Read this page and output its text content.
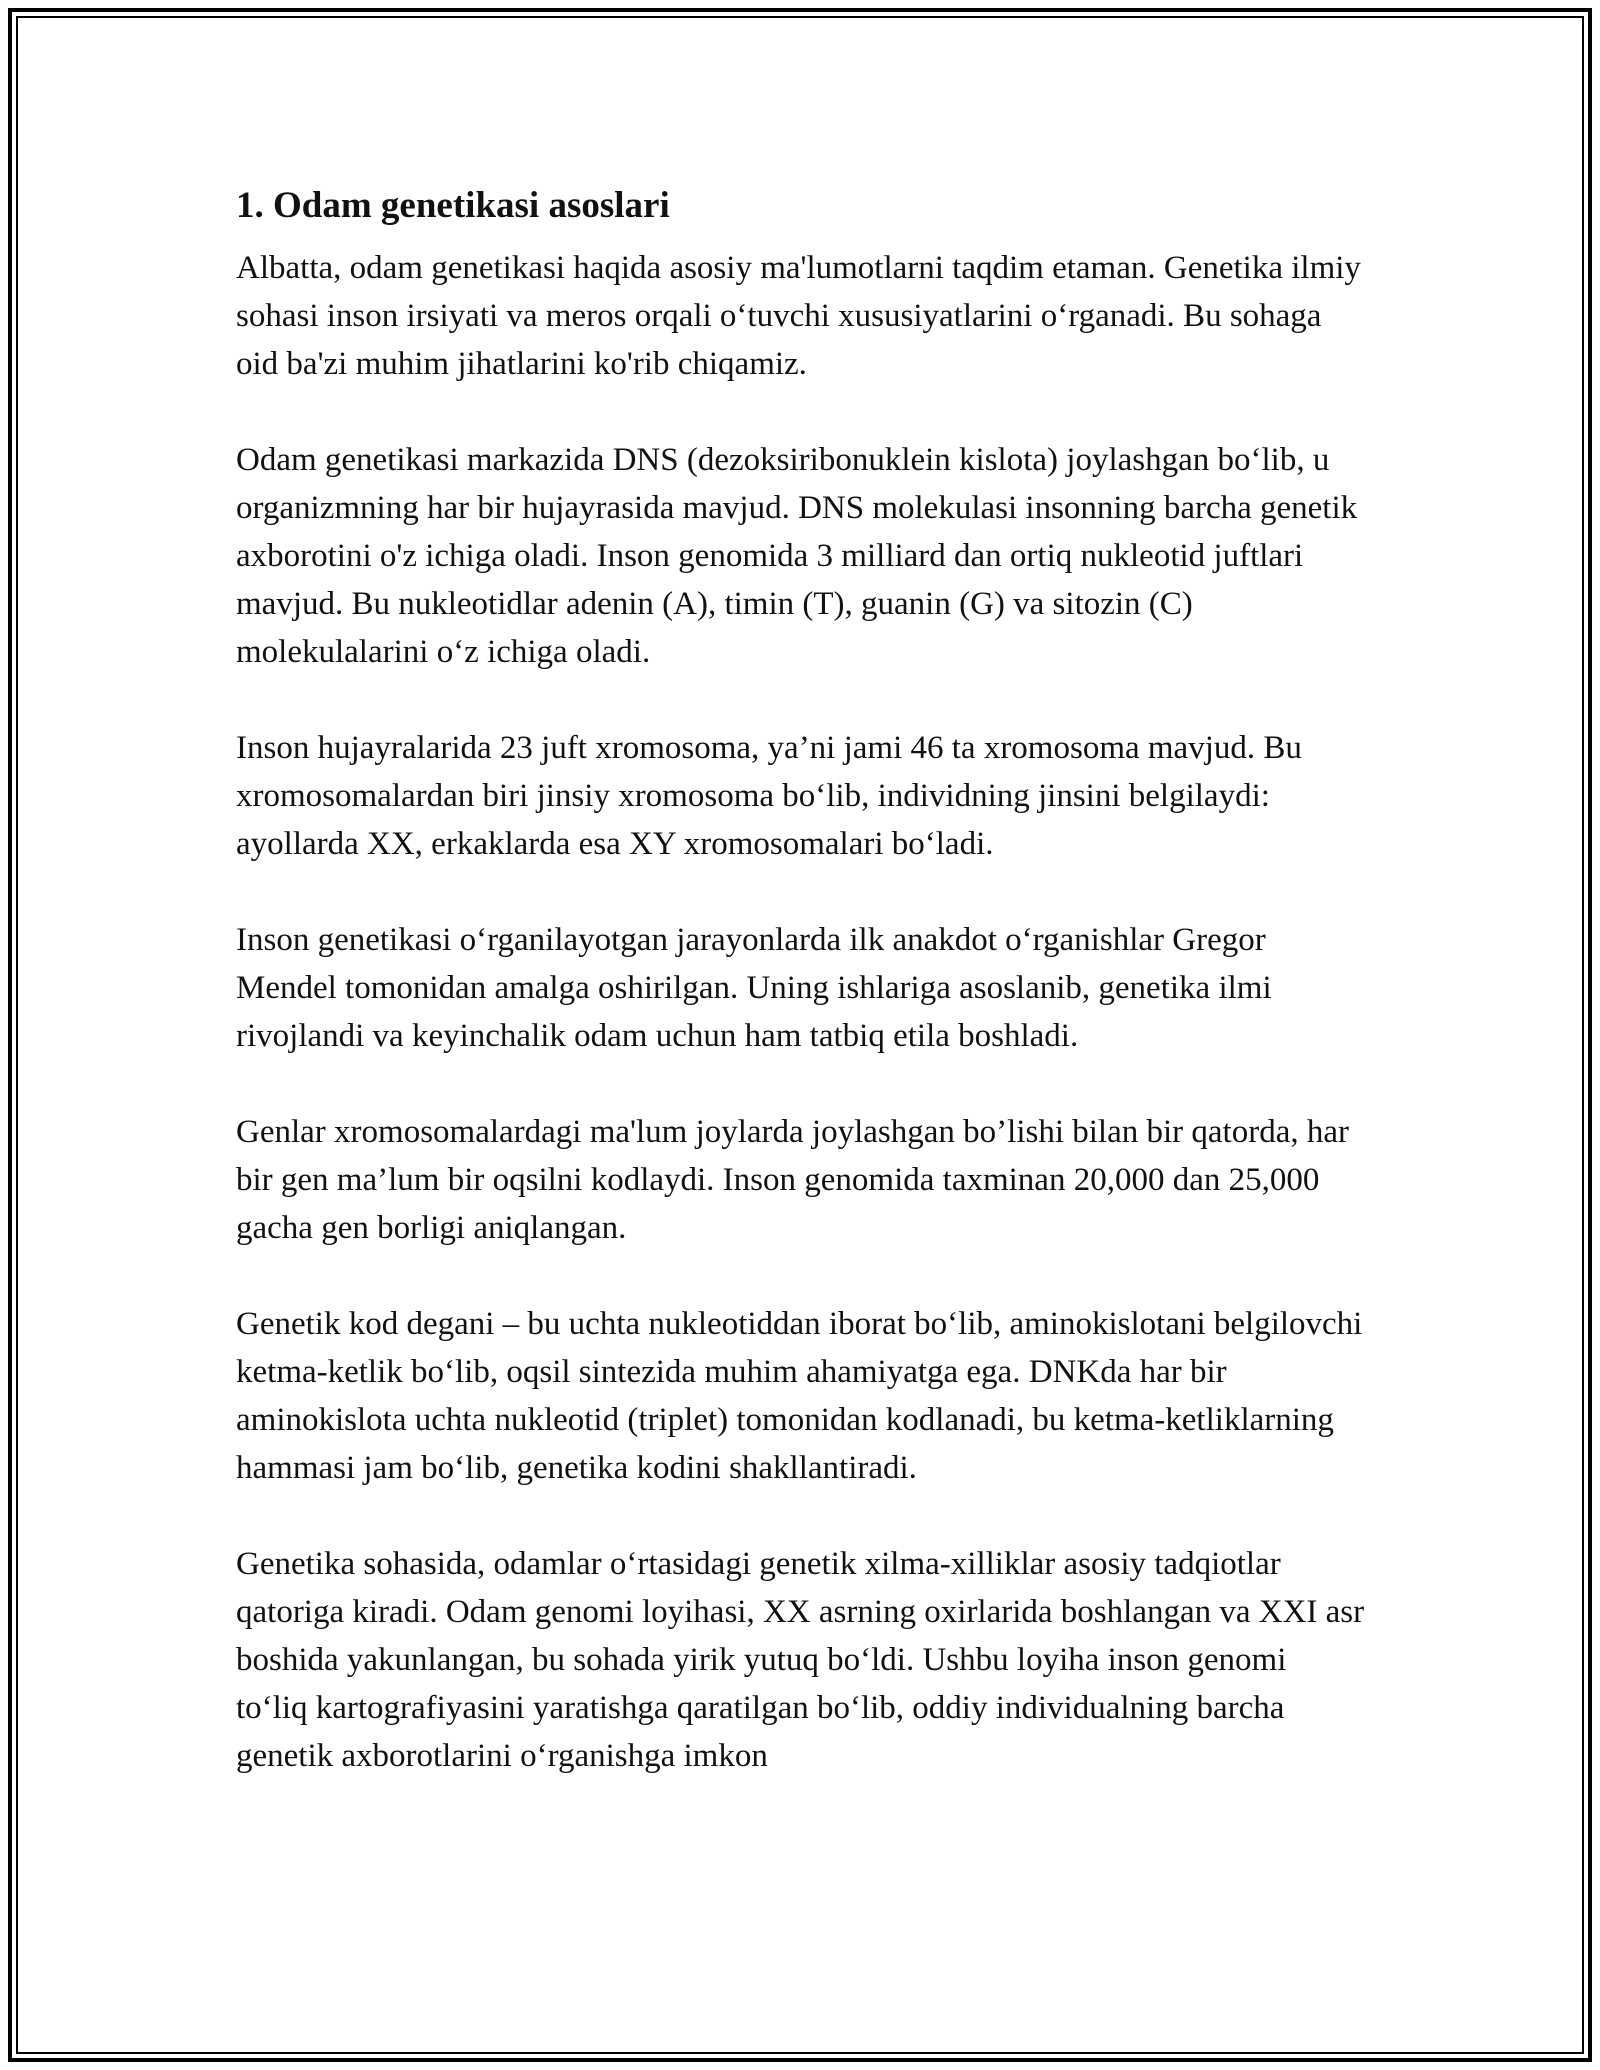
1. Odam genetikasi asoslari

Albatta, odam genetikasi haqida asosiy ma'lumotlarni taqdim etaman. Genetika ilmiy sohasi inson irsiyati va meros orqali o‘tuvchi xususiyatlarini o‘rganadi. Bu sohaga oid ba'zi muhim jihatlarini ko'rib chiqamiz.

Odam genetikasi markazida DNS (dezoksiribonuklein kislota) joylashgan bo‘lib, u organizmning har bir hujayrasida mavjud. DNS molekulasi insonning barcha genetik axborotini o'z ichiga oladi. Inson genomida 3 milliard dan ortiq nukleotid juftlari mavjud. Bu nukleotidlar adenin (A), timin (T), guanin (G) va sitozin (C) molekulalarini o‘z ichiga oladi.

Inson hujayralarida 23 juft xromosoma, ya’ni jami 46 ta xromosoma mavjud. Bu xromosomalardan biri jinsiy xromosoma bo‘lib, individning jinsini belgilaydi: ayollarda XX, erkaklarda esa XY xromosomalari bo‘ladi.

Inson genetikasi o‘rganilayotgan jarayonlarda ilk anakdot o‘rganishlar Gregor Mendel tomonidan amalga oshirilgan. Uning ishlariga asoslanib, genetika ilmi rivojlandi va keyinchalik odam uchun ham tatbiq etila boshladi.

Genlar xromosomalardagi ma'lum joylarda joylashgan bo’lishi bilan bir qatorda, har bir gen ma’lum bir oqsilni kodlaydi. Inson genomida taxminan 20,000 dan 25,000 gacha gen borligi aniqlangan.

Genetik kod degani – bu uchta nukleotiddan iborat bo‘lib, aminokislotani belgilovchi ketma-ketlik bo‘lib, oqsil sintezida muhim ahamiyatga ega. DNKda har bir aminokislota uchta nukleotid (triplet) tomonidan kodlanadi, bu ketma-ketliklarning hammasi jam bo‘lib, genetika kodini shakllantiradi.

Genetika sohasida, odamlar o‘rtasidagi genetik xilma-xilliklar asosiy tadqiotlar qatoriga kiradi. Odam genomi loyihasi, XX asrning oxirlarida boshlangan va XXI asr boshida yakunlangan, bu sohada yirik yutuq bo‘ldi. Ushbu loyiha inson genomi to‘liq kartografiyasini yaratishga qaratilgan bo‘lib, oddiy individualning barcha genetik axborotlarini o‘rganishga imkon
